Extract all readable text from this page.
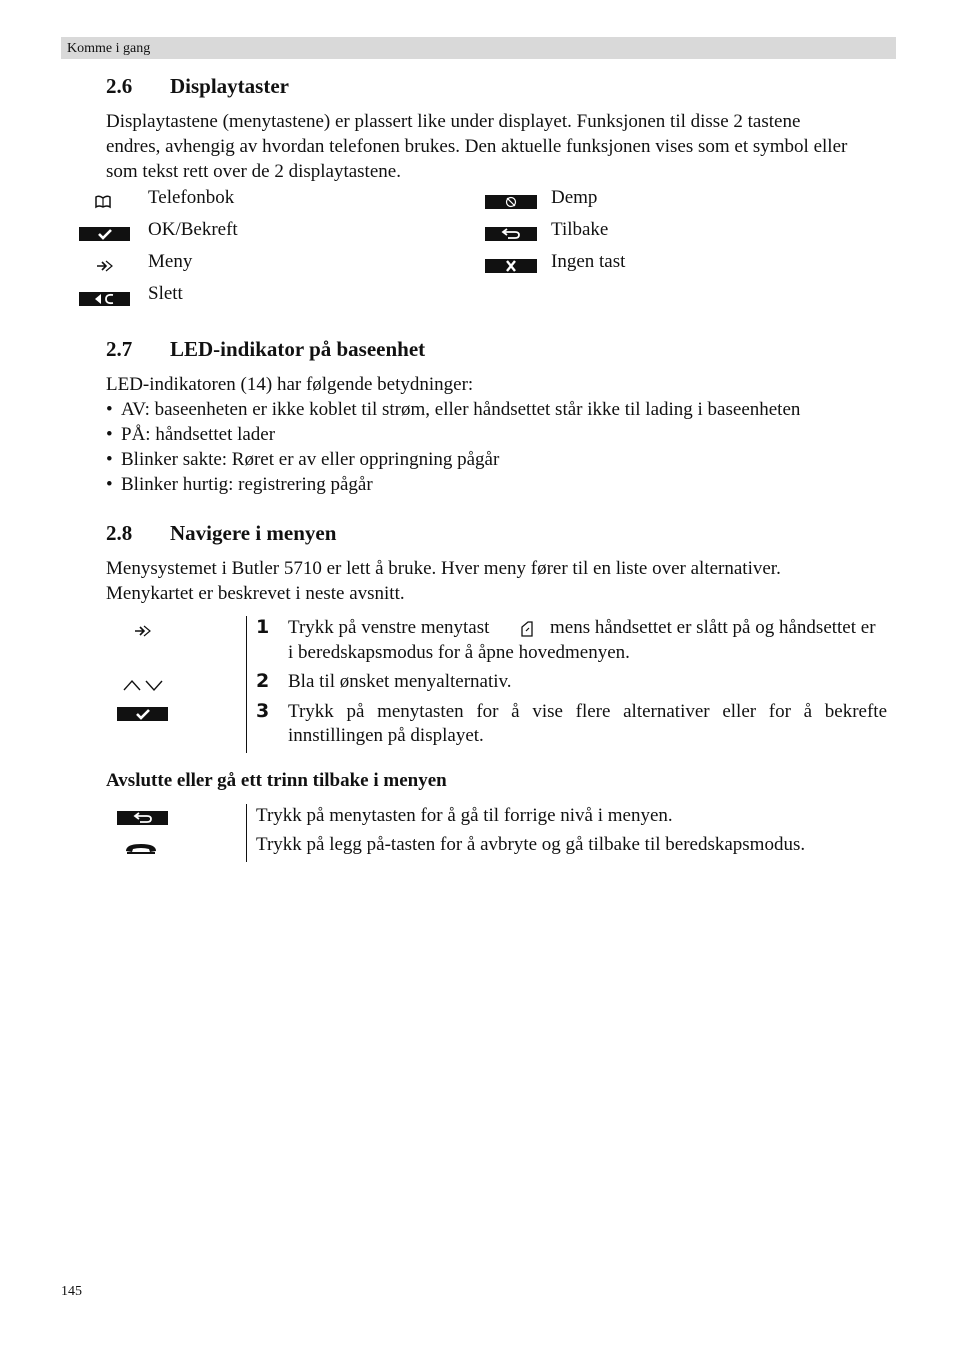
Komme i gang
2.6 Displaytaster
Displaytastene (menytastene) er plassert like under displayet. Funksjonen til disse 2 tastene
endres, avhengig av hvordan telefonen brukes. Den aktuelle funksjonen vises som et symbol eller
som tekst rett over de 2 displaytastene.
Telefonbok
OK/Bekreft
Meny
Slett
Demp
Tilbake
Ingen tast
2.7 LED-indikator på baseenhet
LED-indikatoren (14) har følgende betydninger:
• AV: baseenheten er ikke koblet til strøm, eller håndsettet står ikke til lading i baseenheten
• PÅ: håndsettet lader
• Blinker sakte: Røret er av eller oppringning pågår
• Blinker hurtig: registrering pågår
2.8 Navigere i menyen
Menysystemet i Butler 5710 er lett å bruke. Hver meny fører til en liste over alternativer.
Menykartet er beskrevet i neste avsnitt.
1 Trykk på venstre menytast	mens håndsettet er slått på og håndsettet er
i beredskapsmodus for å åpne hovedmenyen.
2 Bla til ønsket menyalternativ.
3 Trykk på menytasten for å vise flere alternativer eller for å bekrefte
innstillingen på displayet.
Avslutte eller gå ett trinn tilbake i menyen
Trykk på menytasten for å gå til forrige nivå i menyen.
Trykk på legg på-tasten for å avbryte og gå tilbake til beredskapsmodus.
145
